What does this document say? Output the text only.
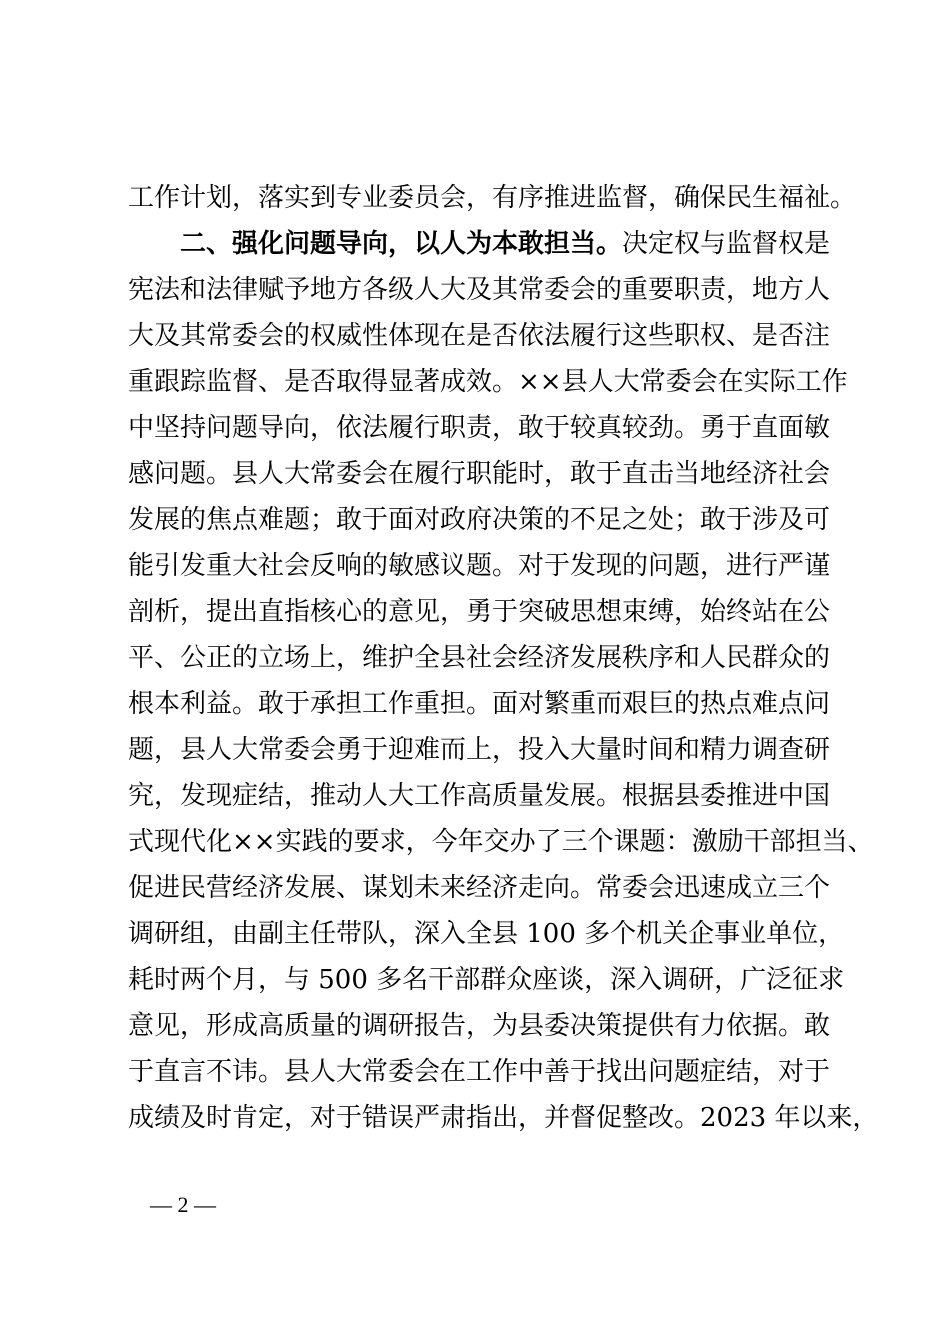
工作计划，落实到专业委员会，有序推进监督，确保民生福祉。
二、强化问题导向，以人为本敢担当。决定权与监督权是
宪法和法律赋予地方各级人大及其常委会的重要职责，地方人
大及其常委会的权威性体现在是否依法履行这些职权、是否注
重跟踪监督、是否取得显著成效。××县人大常委会在实际工作
中坚持问题导向，依法履行职责，敢于较真较劲。勇于直面敏
感问题。县人大常委会在履行职能时，敢于直击当地经济社会
发展的焦点难题；敢于面对政府决策的不足之处；敢于涉及可
能引发重大社会反响的敏感议题。对于发现的问题，进行严谨
剖析，提出直指核心的意见，勇于突破思想束缚，始终站在公
平、公正的立场上，维护全县社会经济发展秩序和人民群众的
根本利益。敢于承担工作重担。面对繁重而艰巨的热点难点问
题，县人大常委会勇于迎难而上，投入大量时间和精力调查研
究，发现症结，推动人大工作高质量发展。根据县委推进中国
式现代化××实践的要求，今年交办了三个课题：激励干部担当、
促进民营经济发展、谋划未来经济走向。常委会迅速成立三个
调研组，由副主任带队，深入全县 100 多个机关企事业单位，
耗时两个月，与 500 多名干部群众座谈，深入调研，广泛征求
意见，形成高质量的调研报告，为县委决策提供有力依据。敢
于直言不讳。县人大常委会在工作中善于找出问题症结，对于
成绩及时肯定，对于错误严肃指出，并督促整改。2023 年以来，
— 2 —
